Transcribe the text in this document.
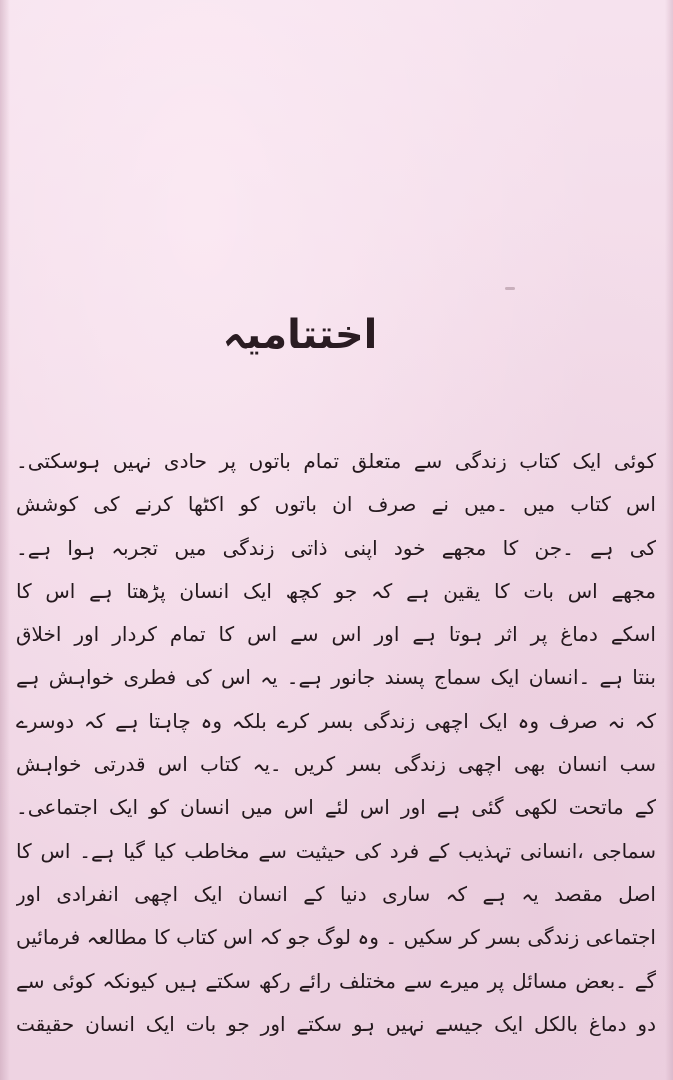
اختتامیہ
کوئی ایک کتاب زندگی سے متعلق تمام باتوں پر حادی نہیں ہوسکتی۔
اس کتاب میں ۔میں نے صرف ان باتوں کو اکٹھا کرنے کی کوشش
کی ہے ۔جن کا مجھے خود اپنی ذاتی زندگی میں تجربہ ہوا ہے۔
مجھے اس بات کا یقین ہے کہ جو کچھ ایک انسان پڑھتا ہے اس کا
اسکے دماغ پر اثر ہوتا ہے اور اس سے اس کا تمام کردار اور اخلاق
بنتا ہے ۔انسان ایک سماج پسند جانور ہے۔ یہ اس کی فطری خواہش ہے
کہ نہ صرف وہ ایک اچھی زندگی بسر کرے بلکہ وہ چاہتا ہے کہ دوسرے
سب انسان بھی اچھی زندگی بسر کریں ۔یہ کتاب اس قدرتی خواہش
کے ماتحت لکھی گئی ہے اور اس لئے اس میں انسان کو ایک اجتماعی۔
سماجی ،انسانی تہذیب کے فرد کی حیثیت سے مخاطب کیا گیا ہے۔ اس کا
اصل مقصد یہ ہے کہ ساری دنیا کے انسان ایک اچھی انفرادی اور
اجتماعی زندگی بسر کر سکیں ۔ وہ لوگ جو کہ اس کتاب کا مطالعہ فرمائیں
گے ۔بعض مسائل پر میرے سے مختلف رائے رکھ سکتے ہیں کیونکہ کوئی سے
دو دماغ بالکل ایک جیسے نہیں ہو سکتے اور جو بات ایک انسان حقیقت
